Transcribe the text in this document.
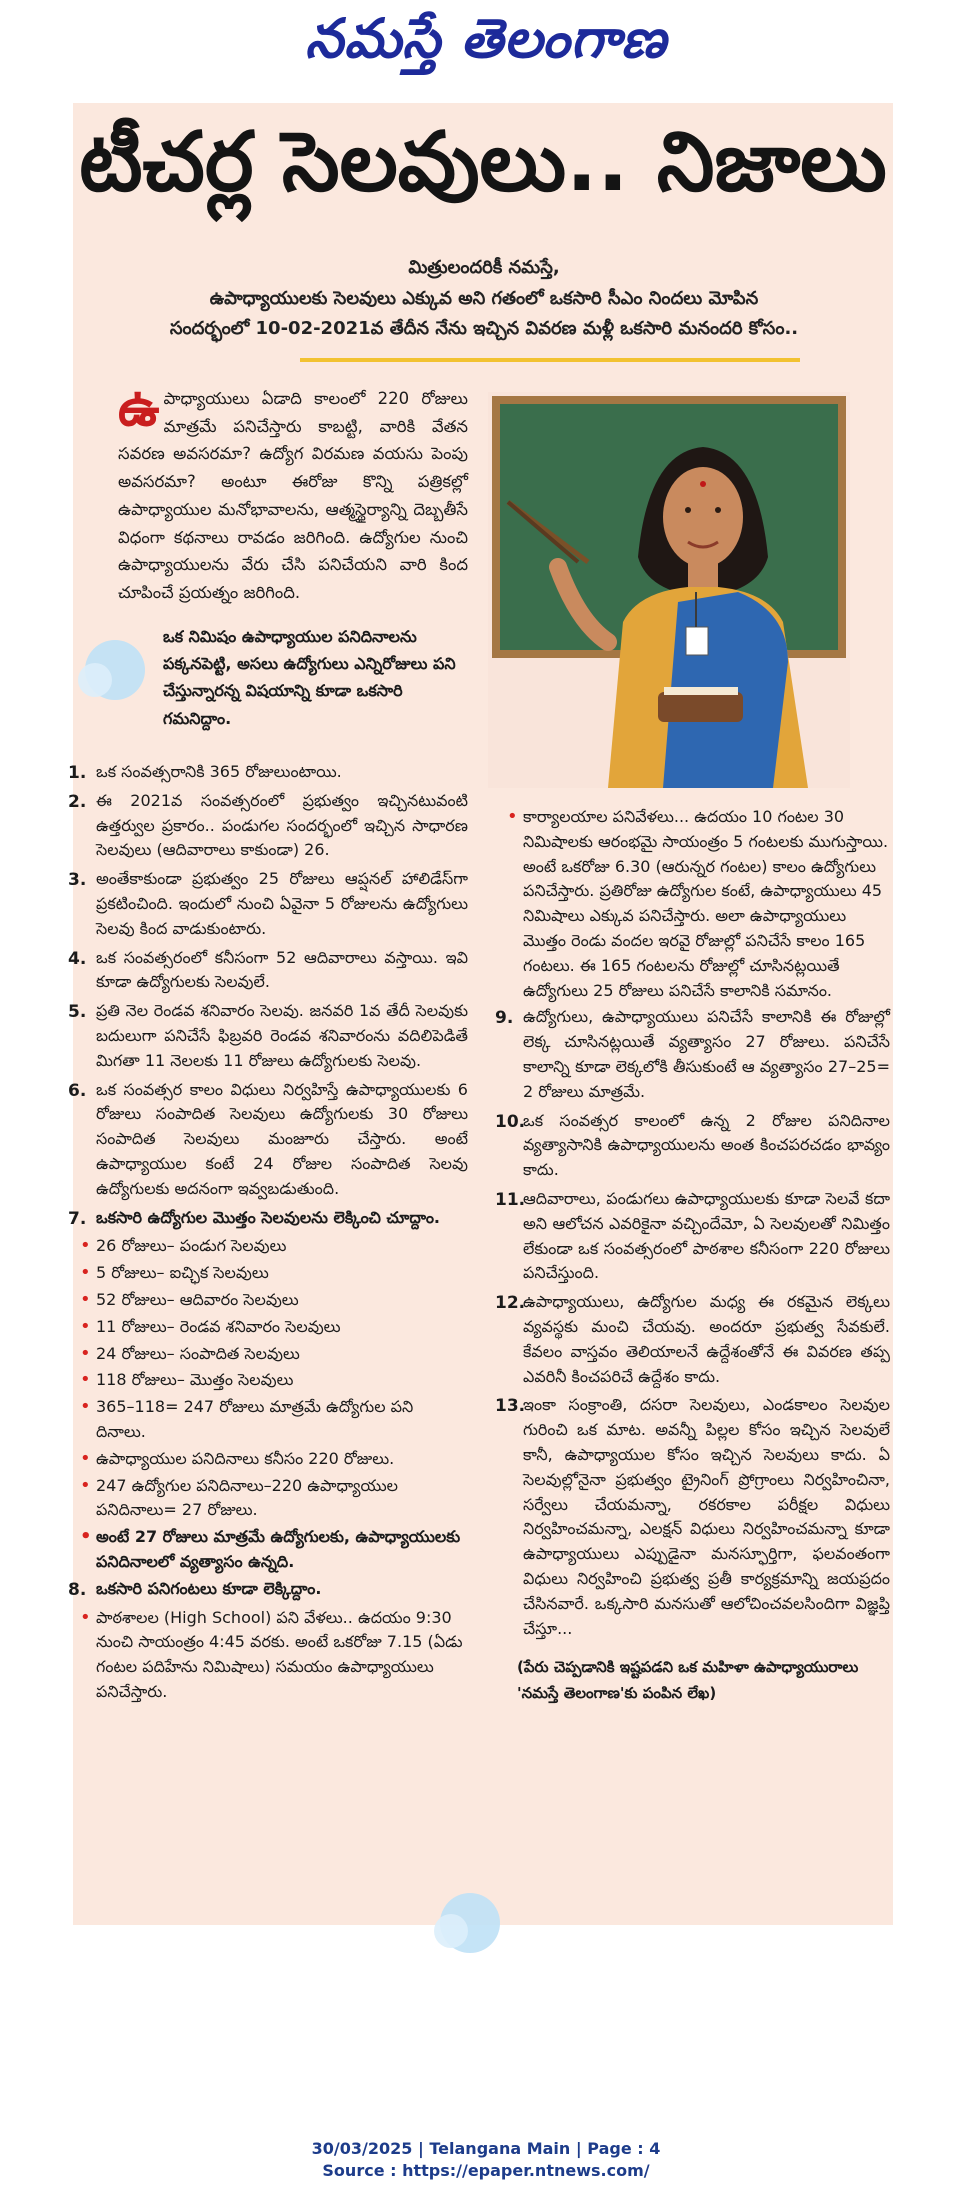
నమస్తే తెలంగాణ
టీచర్ల సెలవులు.. నిజాలు
మిత్రులందరికీ నమస్తే,
ఉపాధ్యాయులకు సెలవులు ఎక్కువ అని గతంలో ఒకసారి సీఎం నిందలు మోపిన
సందర్భంలో 10-02-2021వ తేదీన నేను ఇచ్చిన వివరణ మళ్లీ ఒకసారి మనందరి కోసం..
ఉ పాధ్యాయులు ఏడాది కాలంలో 220 రోజులు మాత్రమే పనిచేస్తారు కాబట్టి, వారికి వేతన సవరణ అవసరమా? ఉద్యోగ విరమణ వయసు పెంపు అవసరమా? అంటూ ఈరోజు కొన్ని పత్రికల్లో ఉపాధ్యాయుల మనోభావాలను, ఆత్మస్థైర్యాన్ని దెబ్బతీసే విధంగా కథనాలు రావడం జరిగింది. ఉద్యోగుల నుంచి ఉపాధ్యాయులను వేరు చేసి పనిచేయని వారి కింద చూపించే ప్రయత్నం జరిగింది.
ఒక నిమిషం ఉపాధ్యాయుల పనిదినాలను పక్కనపెట్టి, అసలు ఉద్యోగులు ఎన్నిరోజులు పని చేస్తున్నారన్న విషయాన్ని కూడా ఒకసారి గమనిద్దాం.
1. ఒక సంవత్సరానికి 365 రోజులుంటాయి.
2. ఈ 2021వ సంవత్సరంలో ప్రభుత్వం ఇచ్చినటువంటి ఉత్తర్వుల ప్రకారం.. పండుగల సందర్భంలో ఇచ్చిన సాధారణ సెలవులు (ఆదివారాలు కాకుండా) 26.
3. అంతేకాకుండా ప్రభుత్వం 25 రోజులు ఆప్షనల్ హాలిడేస్‌గా ప్రకటించింది. ఇందులో నుంచి ఏవైనా 5 రోజులను ఉద్యోగులు సెలవు కింద వాడుకుంటారు.
4. ఒక సంవత్సరంలో కనీసంగా 52 ఆదివారాలు వస్తాయి. ఇవి కూడా ఉద్యోగులకు సెలవులే.
5. ప్రతి నెల రెండవ శనివారం సెలవు. జనవరి 1వ తేదీ సెలవుకు బదులుగా పనిచేసే ఫిబ్రవరి రెండవ శనివారంను వదిలిపెడితే మిగతా 11 నెలలకు 11 రోజులు ఉద్యోగులకు సెలవు.
6. ఒక సంవత్సర కాలం విధులు నిర్వహిస్తే ఉపాధ్యాయులకు 6 రోజులు సంపాదిత సెలవులు ఉద్యోగులకు 30 రోజులు సంపాదిత సెలవులు మంజూరు చేస్తారు. అంటే ఉపాధ్యాయుల కంటే 24 రోజుల సంపాదిత సెలవు ఉద్యోగులకు అదనంగా ఇవ్వబడుతుంది.
7. ఒకసారి ఉద్యోగుల మొత్తం సెలవులను లెక్కించి చూద్దాం.
• 26 రోజులు– పండుగ సెలవులు
• 5 రోజులు– ఐచ్ఛిక సెలవులు
• 52 రోజులు– ఆదివారం సెలవులు
• 11 రోజులు– రెండవ శనివారం సెలవులు
• 24 రోజులు– సంపాదిత సెలవులు
• 118 రోజులు– మొత్తం సెలవులు
• 365–118= 247 రోజులు మాత్రమే ఉద్యోగుల పని దినాలు.
• ఉపాధ్యాయుల పనిదినాలు కనీసం 220 రోజులు.
• 247 ఉద్యోగుల పనిదినాలు–220 ఉపాధ్యాయుల పనిదినాలు= 27 రోజులు.
• అంటే 27 రోజులు మాత్రమే ఉద్యోగులకు, ఉపాధ్యాయులకు పనిదినాలలో వ్యత్యాసం ఉన్నది.
8. ఒకసారి పనిగంటలు కూడా లెక్కిద్దాం.
• పాఠశాలల (High School) పని వేళలు.. ఉదయం 9:30 నుంచి సాయంత్రం 4:45 వరకు. అంటే ఒకరోజు 7.15 (ఏడు గంటల పదిహేను నిమిషాలు) సమయం ఉపాధ్యాయులు పనిచేస్తారు.
• కార్యాలయాల పనివేళలు... ఉదయం 10 గంటల 30 నిమిషాలకు ఆరంభమై సాయంత్రం 5 గంటలకు ముగుస్తాయి. అంటే ఒకరోజు 6.30 (ఆరున్నర గంటల) కాలం ఉద్యోగులు పనిచేస్తారు. ప్రతిరోజు ఉద్యోగుల కంటే, ఉపాధ్యాయులు 45 నిమిషాలు ఎక్కువ పనిచేస్తారు. అలా ఉపాధ్యాయులు మొత్తం రెండు వందల ఇరవై రోజుల్లో పనిచేసే కాలం 165 గంటలు. ఈ 165 గంటలను రోజుల్లో చూసినట్లయితే ఉద్యోగులు 25 రోజులు పనిచేసే కాలానికి సమానం.
9. ఉద్యోగులు, ఉపాధ్యాయులు పనిచేసే కాలానికి ఈ రోజుల్లో లెక్క చూసినట్లయితే వ్యత్యాసం 27 రోజులు. పనిచేసే కాలాన్ని కూడా లెక్కలోకి తీసుకుంటే ఆ వ్యత్యాసం 27–25= 2 రోజులు మాత్రమే.
10.
ఒక సంవత్సర కాలంలో ఉన్న 2 రోజుల పనిదినాల వ్యత్యాసానికి ఉపాధ్యాయులను అంత కించపరచడం భావ్యం కాదు.
11.
ఆదివారాలు, పండుగలు ఉపాధ్యాయులకు కూడా సెలవే కదా అని ఆలోచన ఎవరికైనా వచ్చిందేమో, ఏ సెలవులతో నిమిత్తం లేకుండా ఒక సంవత్సరంలో పాఠశాల కనీసంగా 220 రోజులు పనిచేస్తుంది.
12.
ఉపాధ్యాయులు, ఉద్యోగుల మధ్య ఈ రకమైన లెక్కలు వ్యవస్థకు మంచి చేయవు. అందరూ ప్రభుత్వ సేవకులే. కేవలం వాస్తవం తెలియాలనే ఉద్దేశంతోనే ఈ వివరణ తప్ప ఎవరినీ కించపరిచే ఉద్దేశం కాదు.
13.
ఇంకా సంక్రాంతి, దసరా సెలవులు, ఎండకాలం సెలవుల గురించి ఒక మాట. అవన్నీ పిల్లల కోసం ఇచ్చిన సెలవులే కానీ, ఉపాధ్యాయుల కోసం ఇచ్చిన సెలవులు కాదు. ఏ సెలవుల్లోనైనా ప్రభుత్వం ట్రైనింగ్ ప్రోగ్రాంలు నిర్వహించినా, సర్వేలు చేయమన్నా, రకరకాల పరీక్షల విధులు నిర్వహించమన్నా, ఎలక్షన్ విధులు నిర్వహించమన్నా కూడా ఉపాధ్యాయులు ఎప్పుడైనా మనస్ఫూర్తిగా, ఫలవంతంగా విధులు నిర్వహించి ప్రభుత్వ ప్రతీ కార్యక్రమాన్ని జయప్రదం చేసినవారే. ఒక్కసారి మనసుతో ఆలోచించవలసిందిగా విజ్ఞప్తి చేస్తూ...
(పేరు చెప్పడానికి ఇష్టపడని ఒక మహిళా ఉపాధ్యాయురాలు 'నమస్తే తెలంగాణ'కు పంపిన లేఖ)
30/03/2025 | Telangana Main | Page : 4
Source : https://epaper.ntnews.com/
